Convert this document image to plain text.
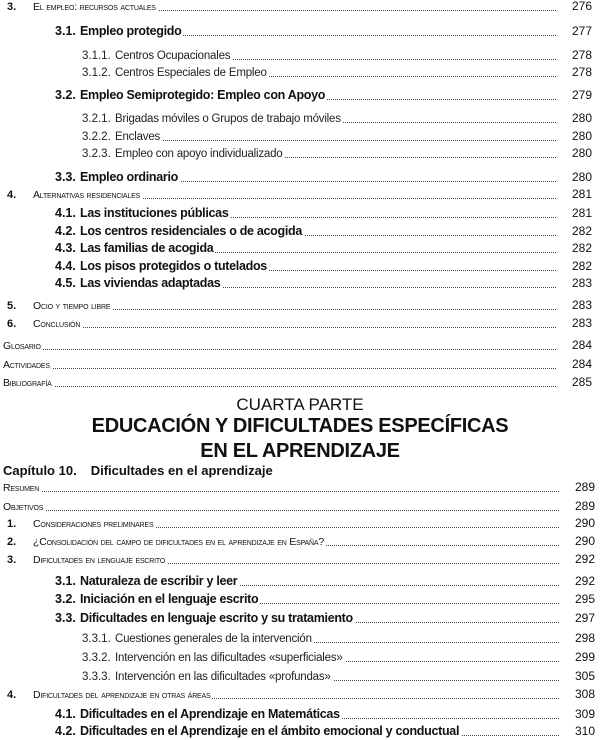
CUARTA PARTE
EDUCACIÓN Y DIFICULTADES ESPECÍFICAS
EN EL APRENDIZAJE
Capítulo 10. Dificultades en el aprendizaje
3. El empleo: recursos actuales	276
3.1. Empleo protegido	277
3.1.1. Centros Ocupacionales	278
3.1.2. Centros Especiales de Empleo	278
3.2. Empleo Semiprotegido: Empleo con Apoyo	279
3.2.1. Brigadas móviles o Grupos de trabajo móviles	280
3.2.2. Enclaves	280
3.2.3. Empleo con apoyo individualizado	280
3.3. Empleo ordinario	280
4. Alternativas residenciales	281
4.1. Las instituciones públicas	281
4.2. Los centros residenciales o de acogida	282
4.3. Las familias de acogida	282
4.4. Los pisos protegidos o tutelados	282
4.5. Las viviendas adaptadas	283
5. Ocio y tiempo libre	283
6. Conclusión	283
Glosario	284
Actividades	284
Bibliografía	285
Resumen	289
Objetivos	289
1. Consideraciones preliminares	290
2. ¿Consolidación del campo de dificultades en el aprendizaje en España?	290
3. Dificultades en lenguaje escrito	292
3.1. Naturaleza de escribir y leer	292
3.2. Iniciación en el lenguaje escrito	295
3.3. Dificultades en lenguaje escrito y su tratamiento	297
3.3.1. Cuestiones generales de la intervención	298
3.3.2. Intervención en las dificultades «superficiales»	299
3.3.3. Intervención en las dificultades «profundas»	305
4. Dificultades del aprendizaje en otras áreas	308
4.1. Dificultades en el Aprendizaje en Matemáticas	309
4.2. Dificultades en el Aprendizaje en el ámbito emocional y conductual	310
